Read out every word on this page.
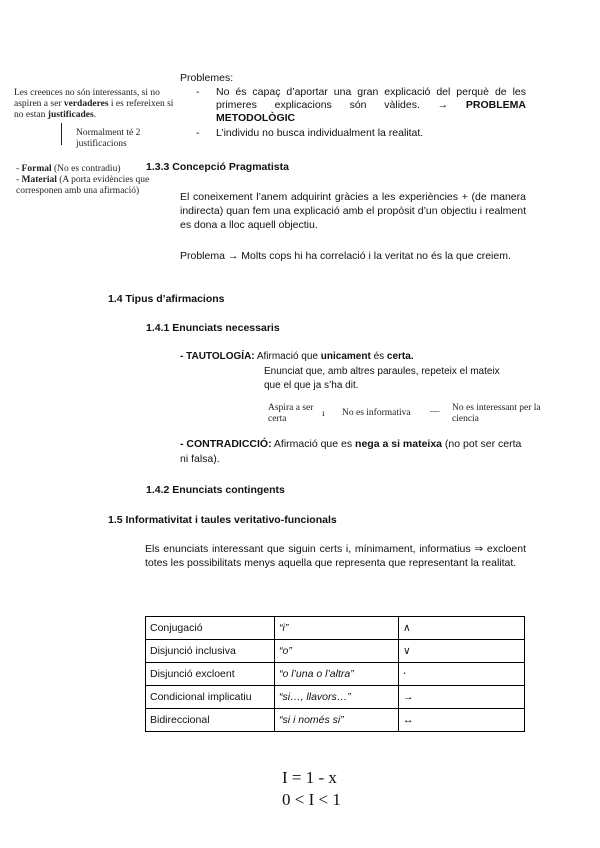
Les creences no són interessants, si no aspiren a ser verdaderes i es refereixen si no estan justificades.
Normalment té 2 justificacions
- Formal (No es contradiu)
- Material (A porta evidències que corresponen amb una afirmació)
Problemes:
- No és capaç d’aportar una gran explicació del perquè de les primeres explicacions són vàlides. → PROBLEMA METODOLÒGIC
- L’individu no busca individualment la realitat.
1.3.3 Concepció Pragmatista

El coneixement l’anem adquirint gràcies a les experiències + (de manera indirecta) quan fem una explicació amb el propòsit d’un objectiu i realment es dona a lloc aquell objectiu.

Problema → Molts cops hi ha correlació i la veritat no és la que creiem.

1.4 Tipus d’afirmacions
1.4.1 Enunciats necessaris
- TAUTOLOGÍA: Afirmació que unicament és certa.

Enunciat que, amb altres paraules, repeteix el mateix que el que ja s’ha dit.

Aspira a ser certa	ı No es informativa	— No es interessant per la ciencia
- CONTRADICCIÓ: Afirmació que es nega a si mateixa (no pot ser certa ni falsa).
1.4.2 Enunciats contingents
1.5 Informativitat i taules veritativo-funcionals

Els enunciats interessant que siguin certs i, mínimament, informatius ⇒ excloent totes les possibilitats menys aquella que representa que representant la realitat.

Conjugació	“i”	∧
Disjunció inclusiva	“o”	∨
Disjunció excloent	“o l’una o l’altra”	⋅
Condicional implicatiu	“si…, llavors…”	→
Bidireccional	“si i només si”	↔
I = 1 - x
0 < I < 1
